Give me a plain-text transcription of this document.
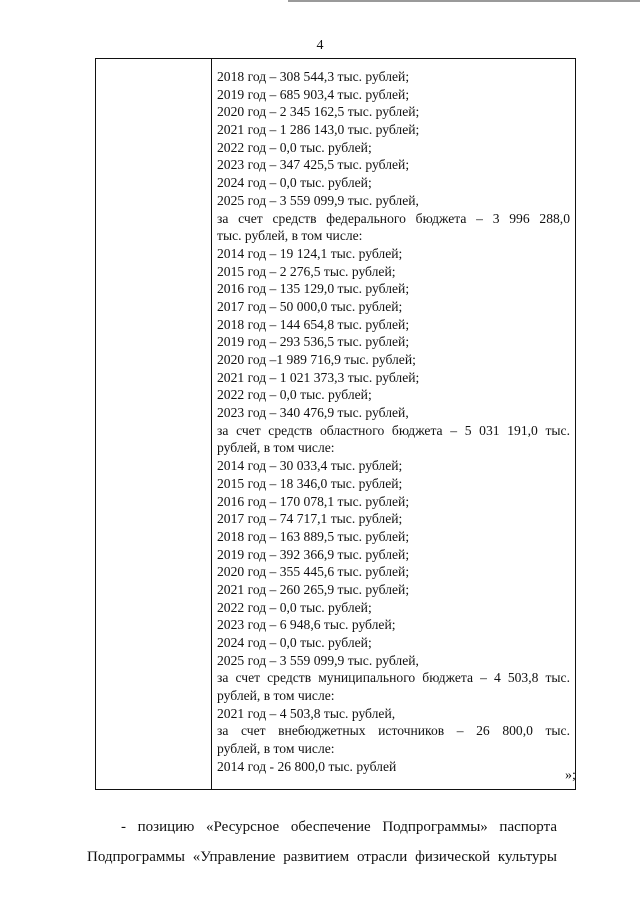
4
2018 год – 308 544,3 тыс. рублей;
2019 год – 685 903,4 тыс. рублей;
2020 год – 2 345 162,5 тыс. рублей;
2021 год – 1 286 143,0 тыс. рублей;
2022 год – 0,0 тыс. рублей;
2023 год – 347 425,5 тыс. рублей;
2024 год – 0,0 тыс. рублей;
2025 год – 3 559 099,9 тыс. рублей,
за счет средств федерального бюджета – 3 996 288,0
тыс. рублей, в том числе:
2014 год – 19 124,1 тыс. рублей;
2015 год – 2 276,5 тыс. рублей;
2016 год – 135 129,0 тыс. рублей;
2017 год – 50 000,0 тыс. рублей;
2018 год – 144 654,8 тыс. рублей;
2019 год – 293 536,5 тыс. рублей;
2020 год –1 989 716,9 тыс. рублей;
2021 год – 1 021 373,3 тыс. рублей;
2022 год – 0,0 тыс. рублей;
2023 год – 340 476,9 тыс. рублей,
за счет средств областного бюджета – 5 031 191,0 тыс.
рублей, в том числе:
2014 год – 30 033,4 тыс. рублей;
2015 год – 18 346,0 тыс. рублей;
2016 год – 170 078,1 тыс. рублей;
2017 год – 74 717,1 тыс. рублей;
2018 год – 163 889,5 тыс. рублей;
2019 год – 392 366,9 тыс. рублей;
2020 год – 355 445,6 тыс. рублей;
2021 год – 260 265,9 тыс. рублей;
2022 год – 0,0 тыс. рублей;
2023 год – 6 948,6 тыс. рублей;
2024 год – 0,0 тыс. рублей;
2025 год – 3 559 099,9 тыс. рублей,
за счет средств муниципального бюджета – 4 503,8 тыс.
рублей, в том числе:
2021 год – 4 503,8 тыс. рублей,
за счет внебюджетных источников – 26 800,0 тыс.
рублей, в том числе:
2014 год - 26 800,0 тыс. рублей
»;
- позицию «Ресурсное обеспечение Подпрограммы» паспорта
Подпрограммы «Управление развитием отрасли физической культуры
